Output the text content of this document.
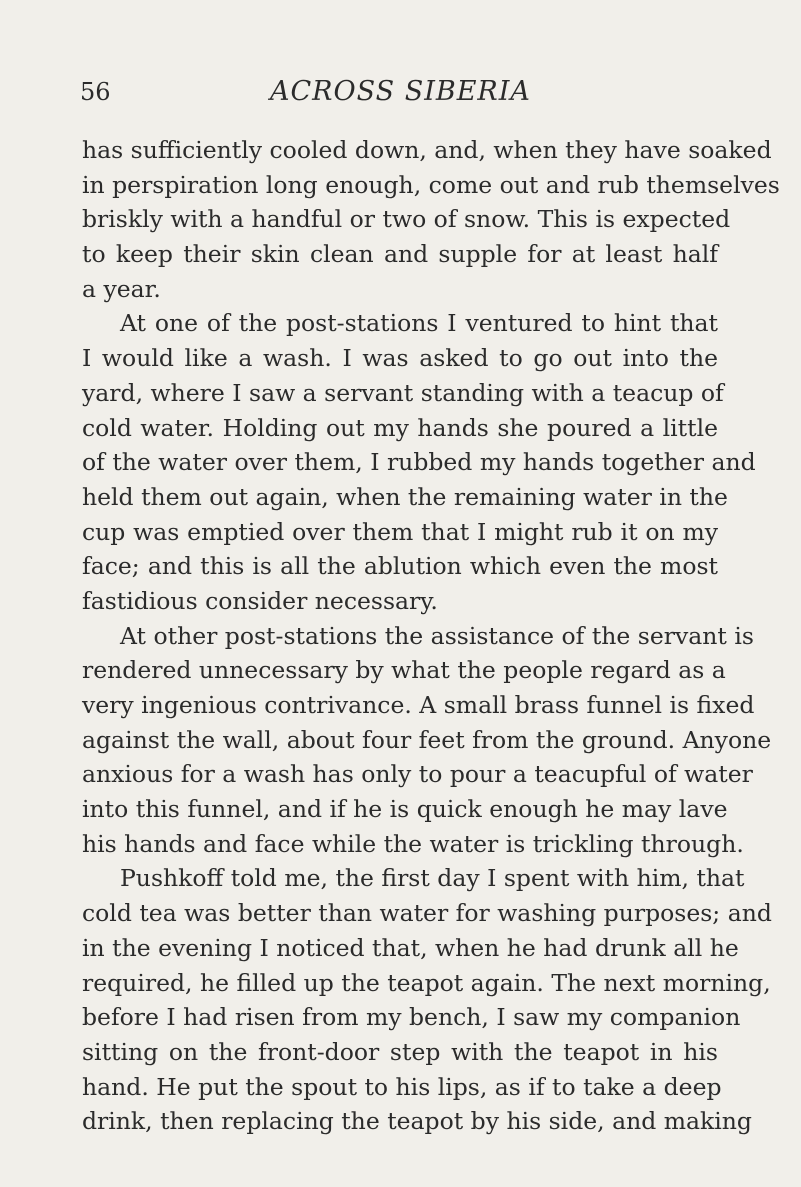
56	ACROSS SIBERIA
has sufficiently cooled down, and, when they have soaked
in perspiration long enough, come out and rub themselves
briskly with a handful or two of snow. This is expected
to keep their skin clean and supple for at least half
a year.
At one of the post-stations I ventured to hint that
I would like a wash. I was asked to go out into the
yard, where I saw a servant standing with a teacup of
cold water. Holding out my hands she poured a little
of the water over them, I rubbed my hands together and
held them out again, when the remaining water in the
cup was emptied over them that I might rub it on my
face; and this is all the ablution which even the most
fastidious consider necessary.
At other post-stations the assistance of the servant is
rendered unnecessary by what the people regard as a
very ingenious contrivance. A small brass funnel is fixed
against the wall, about four feet from the ground. Anyone
anxious for a wash has only to pour a teacupful of water
into this funnel, and if he is quick enough he may lave
his hands and face while the water is trickling through.
Pushkoff told me, the first day I spent with him, that
cold tea was better than water for washing purposes; and
in the evening I noticed that, when he had drunk all he
required, he filled up the teapot again. The next morning,
before I had risen from my bench, I saw my companion
sitting on the front-door step with the teapot in his
hand. He put the spout to his lips, as if to take a deep
drink, then replacing the teapot by his side, and making
